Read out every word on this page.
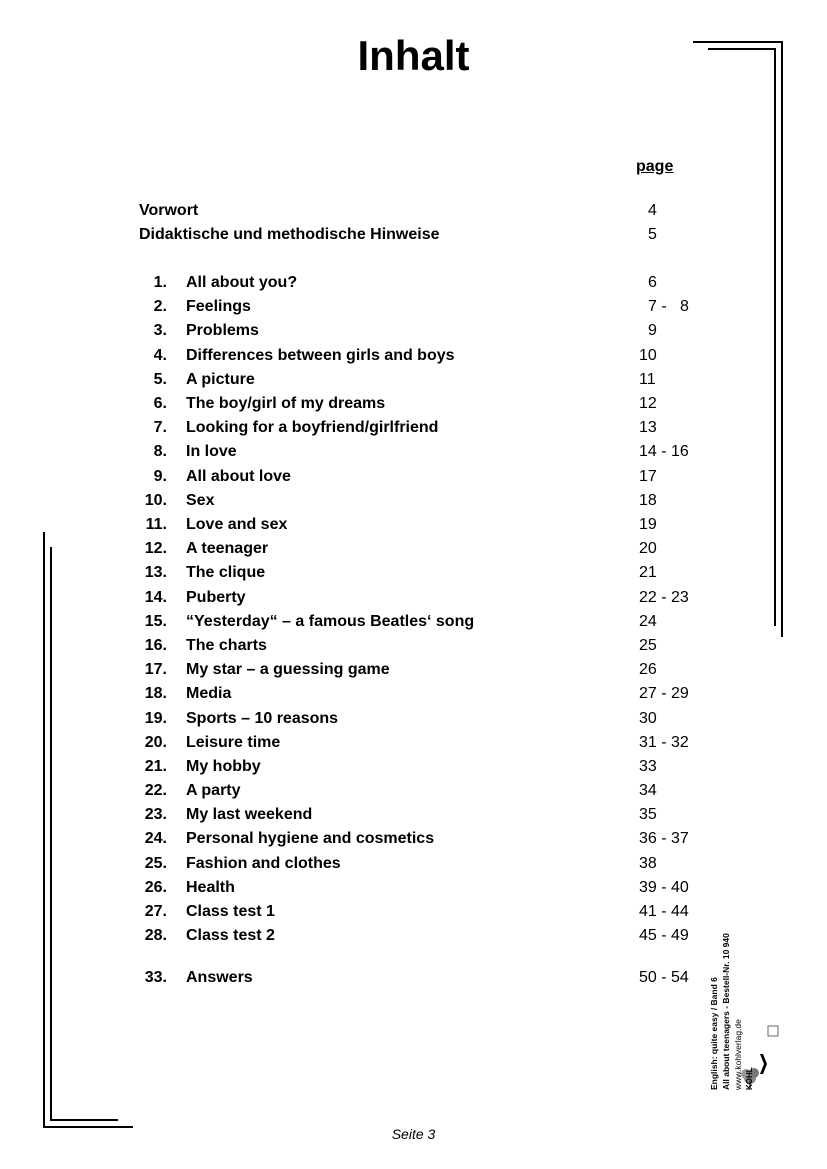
Inhalt
page
Vorwort	4
Didaktische und methodische Hinweise	5
1. All about you?	6
2. Feelings	7 -   8
3. Problems	9
4. Differences between girls and boys	10
5. A picture	11
6. The boy/girl of my dreams	12
7. Looking for a boyfriend/girlfriend	13
8. In love	14 - 16
9. All about love	17
10. Sex	18
11. Love and sex	19
12. A teenager	20
13. The clique	21
14. Puberty	22 - 23
15. “Yesterday“ – a famous Beatles‘ song	24
16. The charts	25
17. My star – a guessing game	26
18. Media	27 - 29
19. Sports – 10 reasons	30
20. Leisure time	31 - 32
21. My hobby	33
22. A party	34
23. My last weekend	35
24. Personal hygiene and cosmetics	36 - 37
25. Fashion and clothes	38
26. Health	39 - 40
27. Class test 1	41 - 44
28. Class test 2	45 - 49
33. Answers	50 - 54 English: quite easy / Band 6 All about teenagers - Bestell-Nr. 10 940 www.kohlverlag.de KOHL
Seite 3
